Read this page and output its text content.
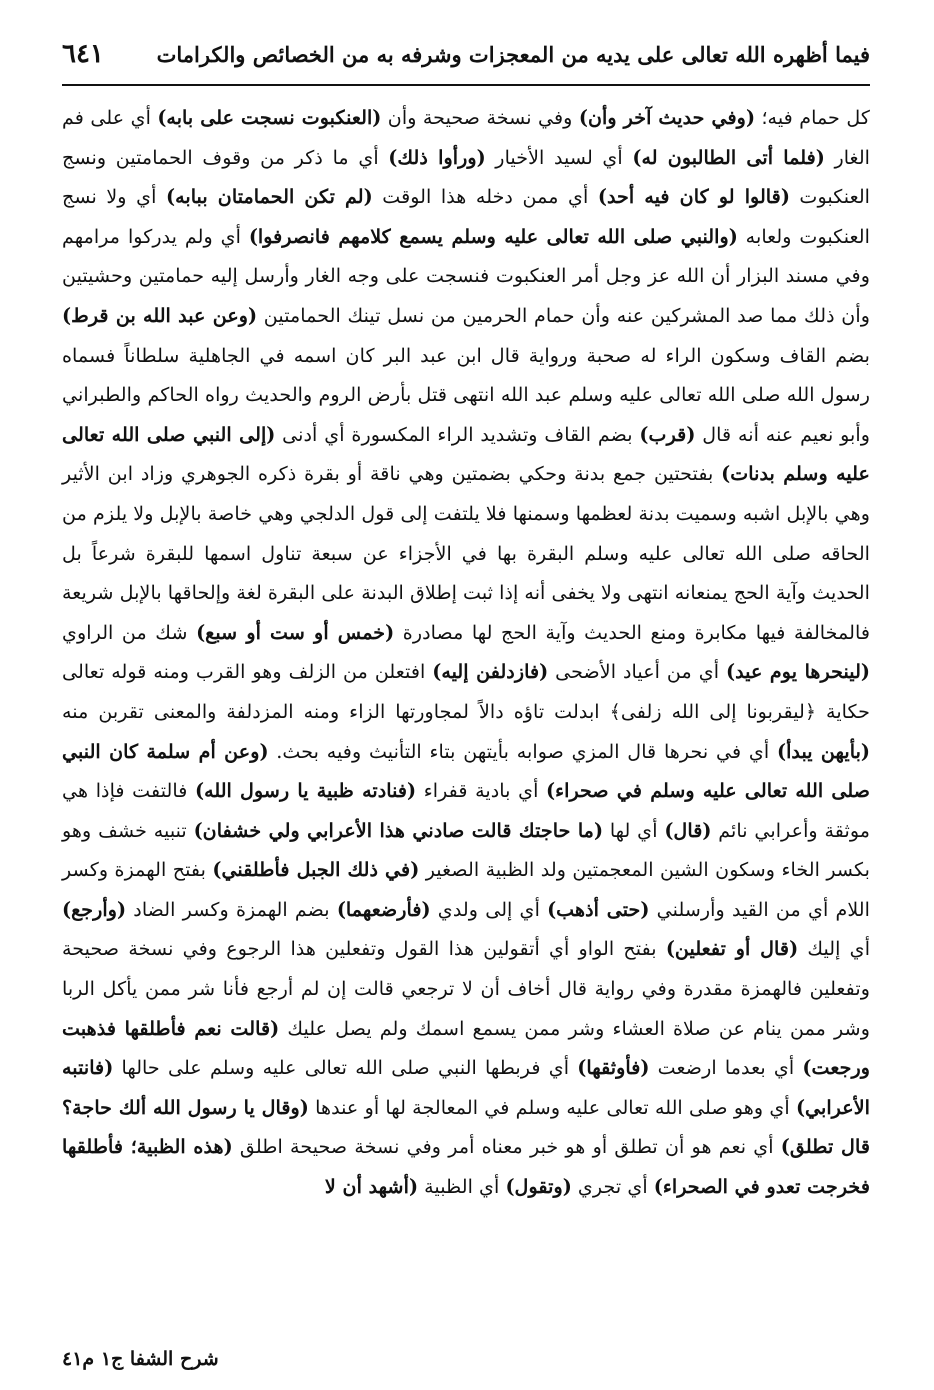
٦٤١	فيما أظهره الله تعالى على يديه من المعجزات وشرفه به من الخصائص والكرامات
كل حمام فيه؛ (وفي حديث آخر وأن) وفي نسخة صحيحة وأن (العنكبوت نسجت على بابه) أي على فم الغار (فلما أتى الطالبون له) أي لسيد الأخيار (ورأوا ذلك) أي ما ذكر من وقوف الحمامتين ونسج العنكبوت (قالوا لو كان فيه أحد) أي ممن دخله هذا الوقت (لم تكن الحمامتان ببابه) أي ولا نسج العنكبوت ولعابه (والنبي صلى الله تعالى عليه وسلم يسمع كلامهم فانصرفوا) أي ولم يدركوا مرامهم وفي مسند البزار أن الله عز وجل أمر العنكبوت فنسجت على وجه الغار وأرسل إليه حمامتين وحشيتين وأن ذلك مما صد المشركين عنه وأن حمام الحرمين من نسل تينك الحمامتين (وعن عبد الله بن قرط) بضم القاف وسكون الراء له صحبة ورواية قال ابن عبد البر كان اسمه في الجاهلية سلطاناً فسماه رسول الله صلى الله تعالى عليه وسلم عبد الله انتهى قتل بأرض الروم والحديث رواه الحاكم والطبراني وأبو نعيم عنه أنه قال (قرب) بضم القاف وتشديد الراء المكسورة أي أدنى (إلى النبي صلى الله تعالى عليه وسلم بدنات) بفتحتين جمع بدنة وحكي بضمتين وهي ناقة أو بقرة ذكره الجوهري وزاد ابن الأثير وهي بالإبل اشبه وسميت بدنة لعظمها وسمنها فلا يلتفت إلى قول الدلجي وهي خاصة بالإبل ولا يلزم من الحاقه صلى الله تعالى عليه وسلم البقرة بها في الأجزاء عن سبعة تناول اسمها للبقرة شرعاً بل الحديث وآية الحج يمنعانه انتهى ولا يخفى أنه إذا ثبت إطلاق البدنة على البقرة لغة وإلحاقها بالإبل شريعة فالمخالفة فيها مكابرة ومنع الحديث وآية الحج لها مصادرة (خمس أو ست أو سبع) شك من الراوي (لينحرها يوم عيد) أي من أعياد الأضحى (فازدلفن إليه) افتعلن من الزلف وهو القرب ومنه قوله تعالى حكاية ﴿ليقربونا إلى الله زلفى﴾ ابدلت تاؤه دالاً لمجاورتها الزاء ومنه المزدلفة والمعنى تقربن منه (بأيهن يبدأ) أي في نحرها قال المزي صوابه بأيتهن بتاء التأنيث وفيه بحث. (وعن أم سلمة كان النبي صلى الله تعالى عليه وسلم في صحراء) أي بادية قفراء (فنادته ظبية يا رسول الله) فالتفت فإذا هي موثقة وأعرابي نائم (قال) أي لها (ما حاجتك قالت صادني هذا الأعرابي ولي خشفان) تنبيه خشف وهو بكسر الخاء وسكون الشين المعجمتين ولد الظبية الصغير (في ذلك الجبل فأطلقني) بفتح الهمزة وكسر اللام أي من القيد وأرسلني (حتى أذهب) أي إلى ولدي (فأرضعهما) بضم الهمزة وكسر الضاد (وأرجع) أي إليك (قال أو تفعلين) بفتح الواو أي أتقولين هذا القول وتفعلين هذا الرجوع وفي نسخة صحيحة وتفعلين فالهمزة مقدرة وفي رواية قال أخاف أن لا ترجعي قالت إن لم أرجع فأنا شر ممن يأكل الربا وشر ممن ينام عن صلاة العشاء وشر ممن يسمع اسمك ولم يصل عليك (قالت نعم فأطلقها فذهبت ورجعت) أي بعدما ارضعت (فأوثقها) أي فربطها النبي صلى الله تعالى عليه وسلم على حالها (فانتبه الأعرابي) أي وهو صلى الله تعالى عليه وسلم في المعالجة لها أو عندها (وقال يا رسول الله ألك حاجة؟ قال تطلق) أي نعم هو أن تطلق أو هو خبر معناه أمر وفي نسخة صحيحة اطلق (هذه الظبية؛ فأطلقها فخرجت تعدو في الصحراء) أي تجري (وتقول) أي الظبية (أشهد أن لا
شرح الشفا ج١ م٤١
